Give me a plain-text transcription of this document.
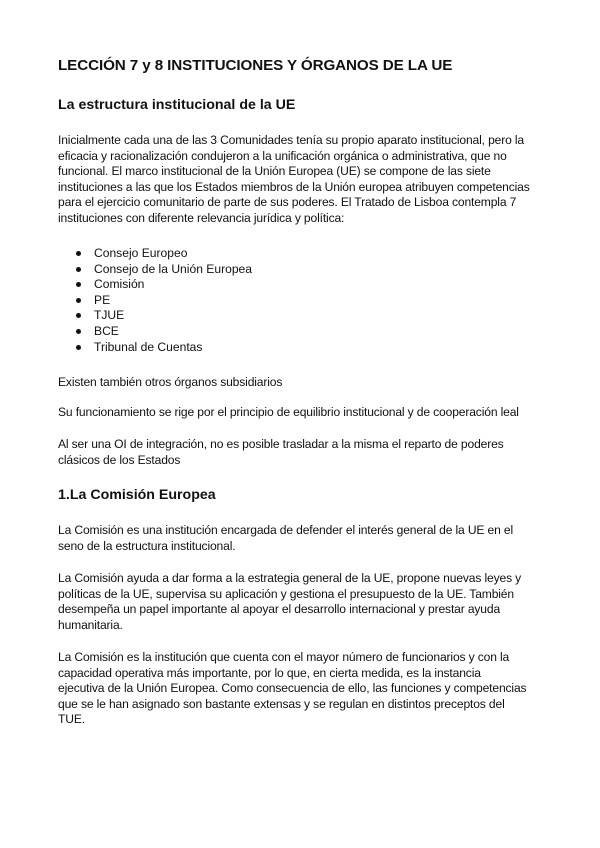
LECCIÓN 7 y 8 INSTITUCIONES Y ÓRGANOS DE LA UE
La estructura institucional de la UE
Inicialmente cada una de las 3 Comunidades tenía su propio aparato institucional, pero la
eficacia y racionalización condujeron a la unificación orgánica o administrativa, que no
funcional. El marco institucional de la Unión Europea (UE) se compone de las siete
instituciones a las que los Estados miembros de la Unión europea atribuyen competencias
para el ejercicio comunitario de parte de sus poderes. El Tratado de Lisboa contempla 7
instituciones con diferente relevancia jurídica y política:
Consejo Europeo
Consejo de la Unión Europea
Comisión
PE
TJUE
BCE
Tribunal de Cuentas
Existen también otros órganos subsidiarios
Su funcionamiento se rige por el principio de equilibrio institucional y de cooperación leal
Al ser una OI de integración, no es posible trasladar a la misma el reparto de poderes
clásicos de los Estados
1.La Comisión Europea
La Comisión es una institución encargada de defender el interés general de la UE en el
seno de la estructura institucional.
La Comisión ayuda a dar forma a la estrategia general de la UE, propone nuevas leyes y
políticas de la UE, supervisa su aplicación y gestiona el presupuesto de la UE. También
desempeña un papel importante al apoyar el desarrollo internacional y prestar ayuda
humanitaria.
La Comisión es la institución que cuenta con el mayor número de funcionarios y con la
capacidad operativa más importante, por lo que, en cierta medida, es la instancia
ejecutiva de la Unión Europea. Como consecuencia de ello, las funciones y competencias
que se le han asignado son bastante extensas y se regulan en distintos preceptos del
TUE.
